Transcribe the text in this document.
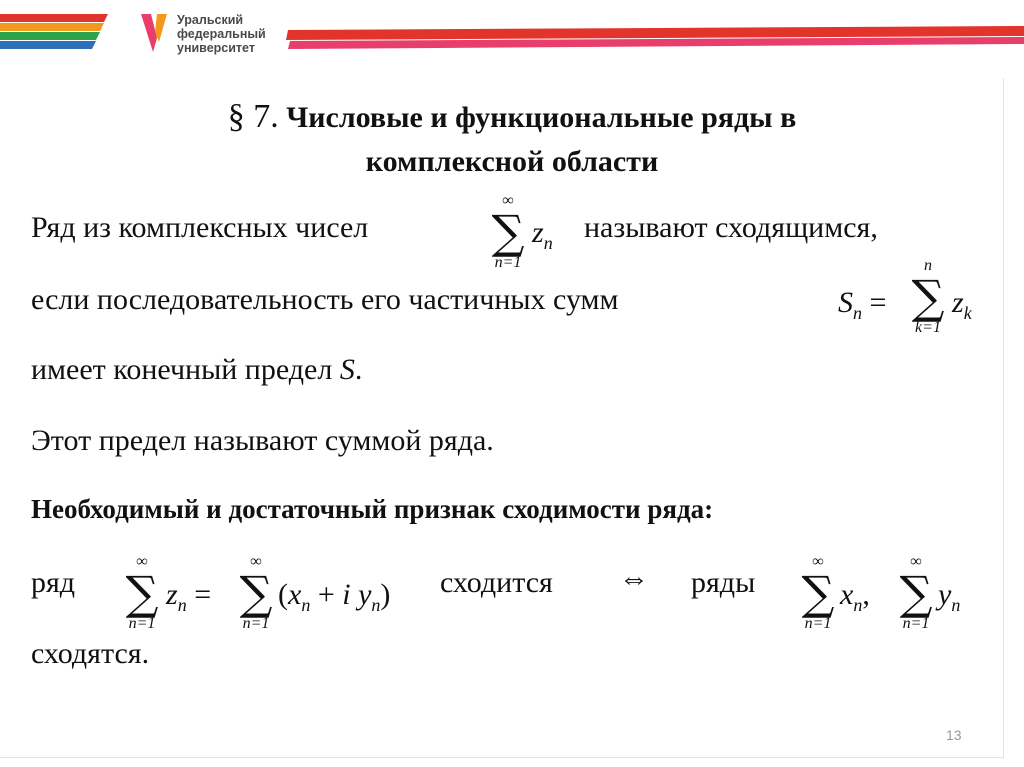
Уральский
федеральный
университет
§ 7. Числовые и функциональные ряды в
комплексной области
Ряд из комплексных чисел
∞
∑
n=1
$z_n$ называют сходящимся,
если последовательность его частичных сумм	$S_n$ =
n
∑
k=1
$z_k$
имеет конечный предел S.
Этот предел называют суммой ряда.
Необходимый и достаточный признак сходимости ряда:
ряд
∞
∑
n=1
$z_n$ =
∞
∑
n=1
($x_n + i$ $y_n$) сходится ⇔ ряды
∞
∑
n=1
$x_n$,
∞
∑
n=1
$y_n$
сходятся.
13
